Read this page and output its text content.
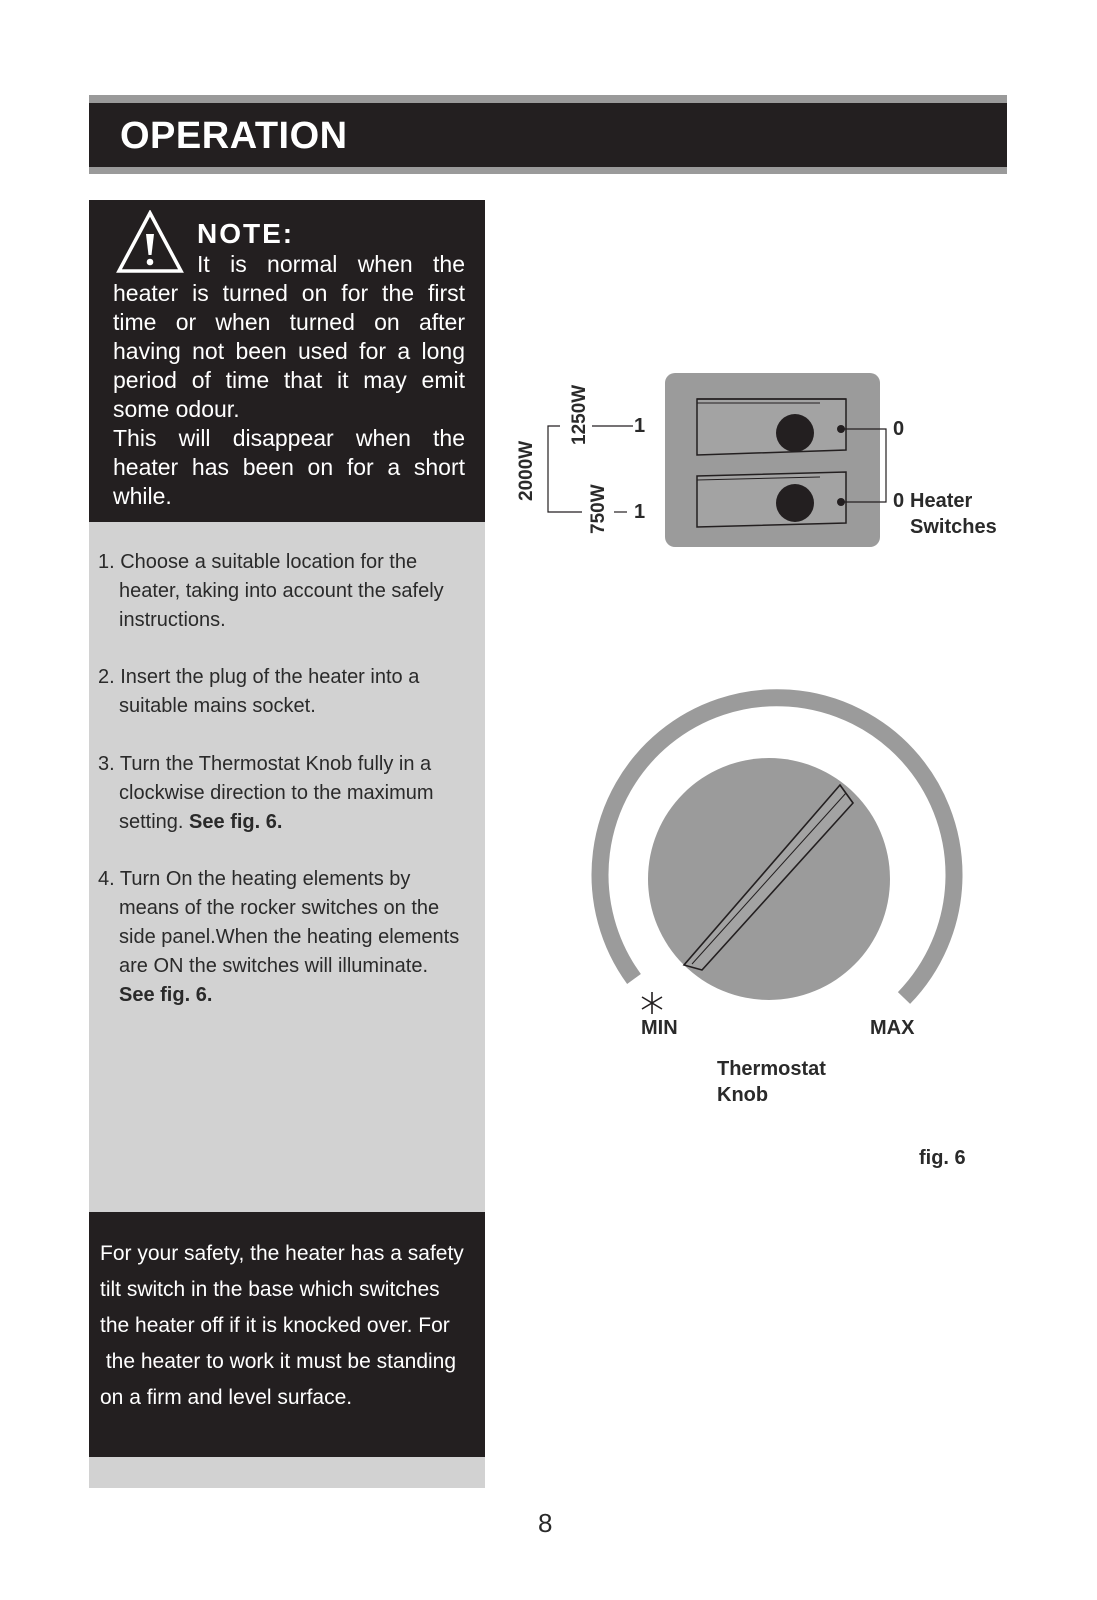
OPERATION
NOTE:
It is normal when the
heater is turned on for the first
time or when turned on after
having not been used for a long
period of time that it may emit
some odour.
This will disappear when the
heater has been on for a short
while.
1. Choose a suitable location for the
heater, taking into account the safely
instructions.
2. Insert the plug of the heater into a
suitable mains socket.
3. Turn the Thermostat Knob fully in a
clockwise direction to the maximum
setting. See fig. 6.
4. Turn On the heating elements by
means of the rocker switches on the
side panel.When the heating elements
are ON the switches will illuminate.
See fig. 6.
For your safety, the heater has a safety
tilt switch in the base which switches
the heater off if it is knocked over. For
the heater to work it must be standing
on a firm and level surface.
1250W
2000W
750W
1
1
0
0 Heater
Switches
MIN	MAX
Thermostat
Knob
fig. 6
8
